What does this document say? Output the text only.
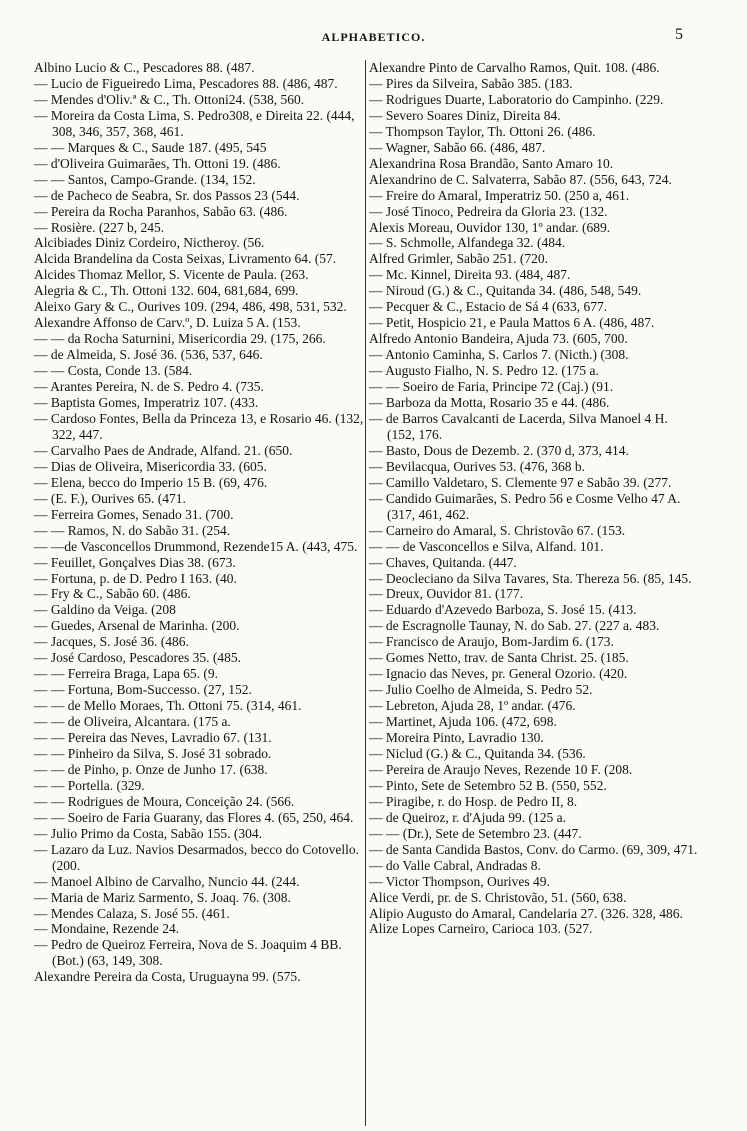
ALPHABETICO.	5

Albino Lucio & C., Pescadores 88. (487.

— Lucio de Figueiredo Lima, Pescadores 88. (486, 487.

— Mendes d'Oliv.ª & C., Th. Ottoni24. (538, 560.

— Moreira da Costa Lima, S. Pedro308, e Direita 22. (444, 308, 346, 357, 368, 461.

— — Marques & C., Saude 187. (495, 545

— d'Oliveira Guimarães, Th. Ottoni 19. (486.

— — Santos, Campo-Grande. (134, 152.

— de Pacheco de Seabra, Sr. dos Passos 23 (544.

— Pereira da Rocha Paranhos, Sabão 63. (486.

— Rosière. (227 b, 245.

Alcibiades Diniz Cordeiro, Nictheroy. (56.

Alcida Brandelina da Costa Seixas, Livramento 64. (57.

Alcides Thomaz Mellor, S. Vicente de Paula. (263.

Alegria & C., Th. Ottoni 132. 604, 681,684, 699.

Aleixo Gary & C., Ourives 109. (294, 486, 498, 531, 532.

Alexandre Affonso de Carv.º, D. Luiza 5 A. (153.

— — da Rocha Saturnini, Misericordia 29. (175, 266.

— de Almeida, S. José 36. (536, 537, 646.

— — Costa, Conde 13. (584.

— Arantes Pereira, N. de S. Pedro 4. (735.

— Baptista Gomes, Imperatriz 107. (433.

— Cardoso Fontes, Bella da Princeza 13, e Rosario 46. (132, 322, 447.

— Carvalho Paes de Andrade, Alfand. 21. (650.

— Dias de Oliveira, Misericordia 33. (605.

— Elena, becco do Imperio 15 B. (69, 476.

— (E. F.), Ourives 65. (471.

— Ferreira Gomes, Senado 31. (700.

— — Ramos, N. do Sabão 31. (254.

— —de Vasconcellos Drummond, Rezende15 A. (443, 475.

— Feuillet, Gonçalves Dias 38. (673.

— Fortuna, p. de D. Pedro I 163. (40.

— Fry & C., Sabão 60. (486.

— Galdino da Veiga. (208

— Guedes, Arsenal de Marinha. (200.

— Jacques, S. José 36. (486.

— José Cardoso, Pescadores 35. (485.

— — Ferreira Braga, Lapa 65. (9.

— — Fortuna, Bom-Successo. (27, 152.

— — de Mello Moraes, Th. Ottoni 75. (314, 461.

— — de Oliveira, Alcantara. (175 a.

— — Pereira das Neves, Lavradio 67. (131.

— — Pinheiro da Silva, S. José 31 sobrado.

— — de Pinho, p. Onze de Junho 17. (638.

— — Portella. (329.

— — Rodrigues de Moura, Conceição 24. (566.

— — Soeiro de Faria Guarany, das Flores 4. (65, 250, 464.

— Julio Primo da Costa, Sabão 155. (304.

— Lazaro da Luz. Navios Desarmados, becco do Cotovello. (200.

— Manoel Albino de Carvalho, Nuncio 44. (244.

— Maria de Mariz Sarmento, S. Joaq. 76. (308.

— Mendes Calaza, S. José 55. (461.

— Mondaine, Rezende 24.

— Pedro de Queiroz Ferreira, Nova de S. Joaquim 4 BB. (Bot.) (63, 149, 308.

Alexandre Pereira da Costa, Uruguayna 99. (575.

Alexandre Pinto de Carvalho Ramos, Quit. 108. (486.

— Pires da Silveira, Sabão 385. (183.

— Rodrigues Duarte, Laboratorio do Campinho. (229.

— Severo Soares Diniz, Direita 84.

— Thompson Taylor, Th. Ottoni 26. (486.

— Wagner, Sabão 66. (486, 487.

Alexandrina Rosa Brandão, Santo Amaro 10.

Alexandrino de C. Salvaterra, Sabão 87. (556, 643, 724.

— Freire do Amaral, Imperatriz 50. (250 a, 461.

— José Tinoco, Pedreira da Gloria 23. (132.

Alexis Moreau, Ouvidor 130, 1º andar. (689.

— S. Schmolle, Alfandega 32. (484.

Alfred Grimler, Sabão 251. (720.

— Mc. Kinnel, Direita 93. (484, 487.

— Niroud (G.) & C., Quitanda 34. (486, 548, 549.

— Pecquer & C., Estacio de Sá 4 (633, 677.

— Petit, Hospicio 21, e Paula Mattos 6 A. (486, 487.

Alfredo Antonio Bandeira, Ajuda 73. (605, 700.

— Antonio Caminha, S. Carlos 7. (Nicth.) (308.

— Augusto Fialho, N. S. Pedro 12. (175 a.

— — Soeiro de Faria, Principe 72 (Caj.) (91.

— Barboza da Motta, Rosario 35 e 44. (486.

— de Barros Cavalcanti de Lacerda, Silva Manoel 4 H. (152, 176.

— Basto, Dous de Dezemb. 2. (370 d, 373, 414.

— Bevilacqua, Ourives 53. (476, 368 b.

— Camillo Valdetaro, S. Clemente 97 e Sabão 39. (277.

— Candido Guimarães, S. Pedro 56 e Cosme Velho 47 A. (317, 461, 462.

— Carneiro do Amaral, S. Christovão 67. (153.

— — de Vasconcellos e Silva, Alfand. 101.

— Chaves, Quitanda. (447.

— Deocleciano da Silva Tavares, Sta. Thereza 56. (85, 145.

— Dreux, Ouvidor 81. (177.

— Eduardo d'Azevedo Barboza, S. José 15. (413.

— de Escragnolle Taunay, N. do Sab. 27. (227 a. 483.

— Francisco de Araujo, Bom-Jardim 6. (173.

— Gomes Netto, trav. de Santa Christ. 25. (185.

— Ignacio das Neves, pr. General Ozorio. (420.

— Julio Coelho de Almeida, S. Pedro 52.

— Lebreton, Ajuda 28, 1º andar. (476.

— Martinet, Ajuda 106. (472, 698.

— Moreira Pinto, Lavradio 130.

— Niclud (G.) & C., Quitanda 34. (536.

— Pereira de Araujo Neves, Rezende 10 F. (208.

— Pinto, Sete de Setembro 52 B. (550, 552.

— Piragibe, r. do Hosp. de Pedro II, 8.

— de Queiroz, r. d'Ajuda 99. (125 a.

— — (Dr.), Sete de Setembro 23. (447.

— de Santa Candida Bastos, Conv. do Carmo. (69, 309, 471.

— do Valle Cabral, Andradas 8.

— Victor Thompson, Ourives 49.

Alice Verdi, pr. de S. Christovão, 51. (560, 638.

Alipio Augusto do Amaral, Candelaria 27. (326. 328, 486.

Alize Lopes Carneiro, Carioca 103. (527.
